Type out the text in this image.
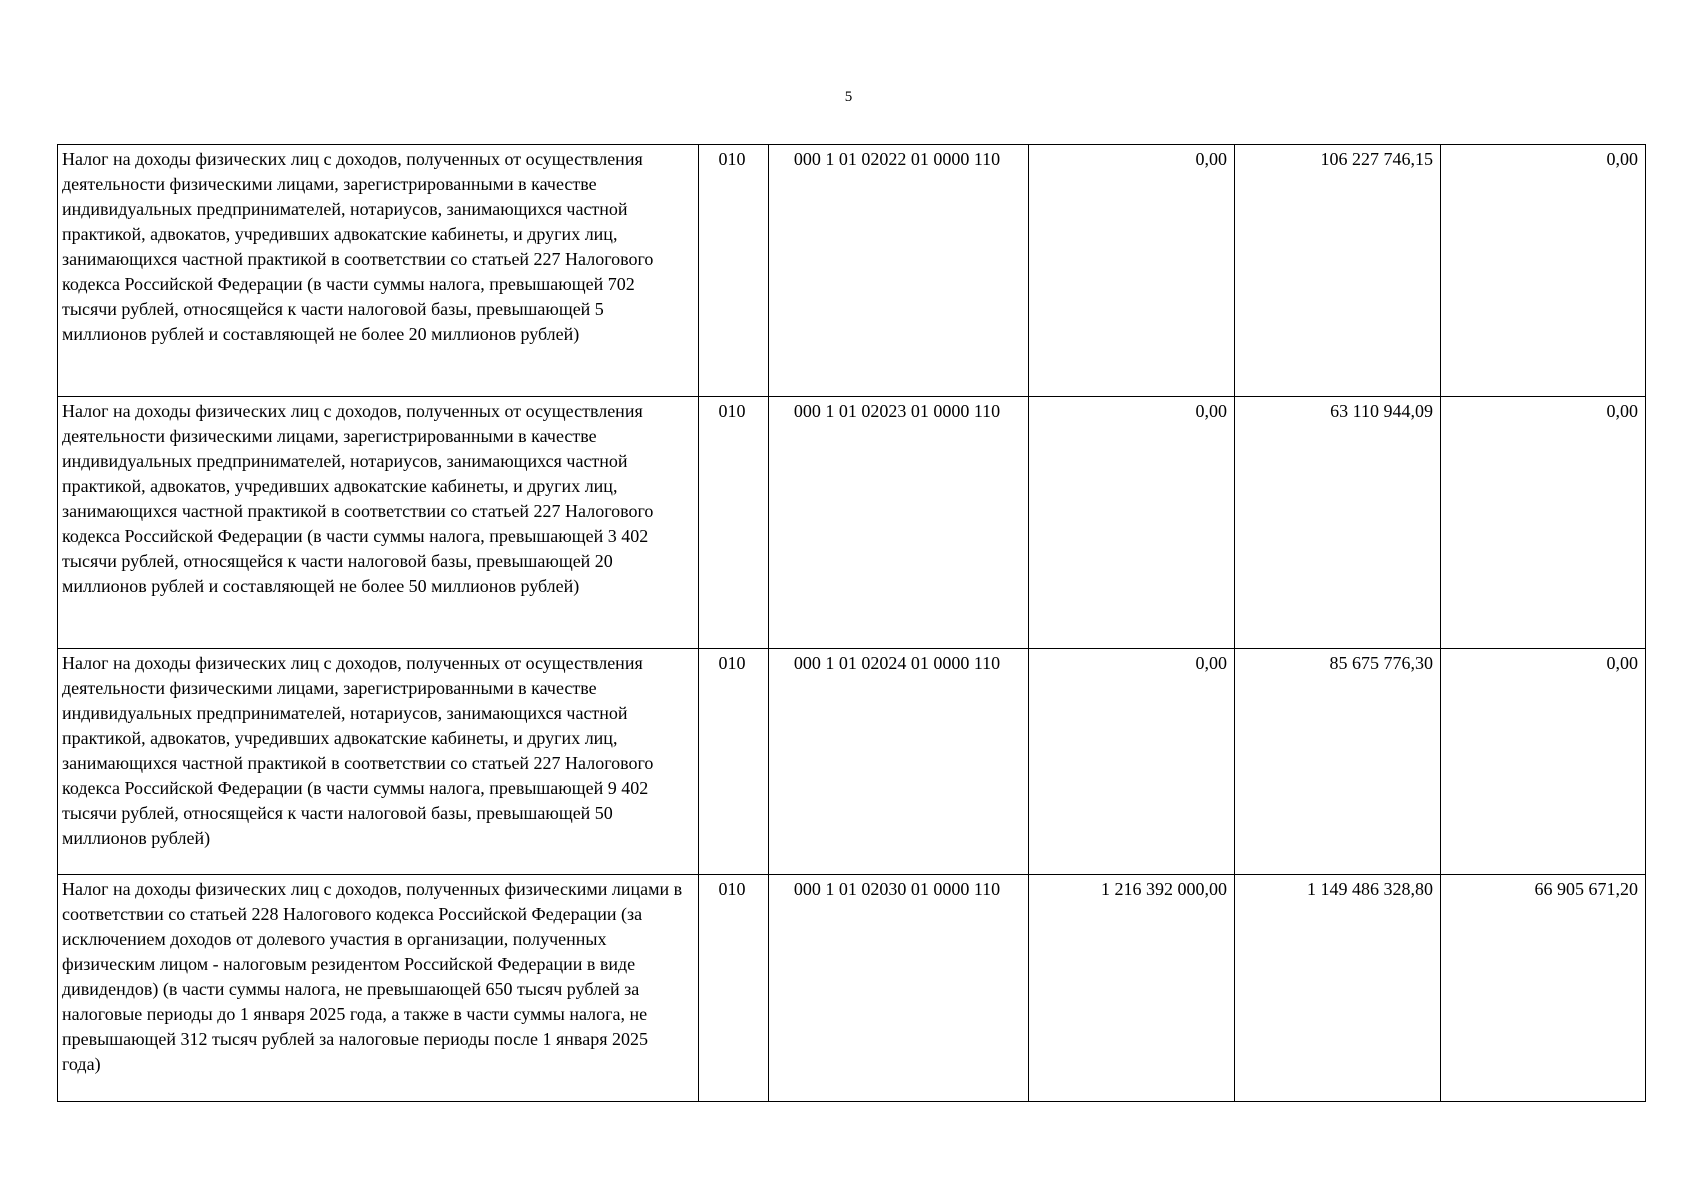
5
Налог на доходы физических лиц с доходов, полученных от осуществления деятельности физическими лицами, зарегистрированными в качестве индивидуальных предпринимателей, нотариусов, занимающихся частной практикой, адвокатов, учредивших адвокатские кабинеты, и других лиц, занимающихся частной практикой в соответствии со статьей 227 Налогового кодекса Российской Федерации (в части суммы налога, превышающей 702 тысячи рублей, относящейся к части налоговой базы, превышающей 5 миллионов рублей и составляющей не более 20 миллионов рублей)	010	000 1 01 02022 01 0000 110	0,00	106 227 746,15	0,00
Налог на доходы физических лиц с доходов, полученных от осуществления деятельности физическими лицами, зарегистрированными в качестве индивидуальных предпринимателей, нотариусов, занимающихся частной практикой, адвокатов, учредивших адвокатские кабинеты, и других лиц, занимающихся частной практикой в соответствии со статьей 227 Налогового кодекса Российской Федерации (в части суммы налога, превышающей 3 402 тысячи рублей, относящейся к части налоговой базы, превышающей 20 миллионов рублей и составляющей не более 50 миллионов рублей)	010	000 1 01 02023 01 0000 110	0,00	63 110 944,09	0,00
Налог на доходы физических лиц с доходов, полученных от осуществления деятельности физическими лицами, зарегистрированными в качестве индивидуальных предпринимателей, нотариусов, занимающихся частной практикой, адвокатов, учредивших адвокатские кабинеты, и других лиц, занимающихся частной практикой в соответствии со статьей 227 Налогового кодекса Российской Федерации (в части суммы налога, превышающей 9 402 тысячи рублей, относящейся к части налоговой базы, превышающей 50 миллионов рублей)	010	000 1 01 02024 01 0000 110	0,00	85 675 776,30	0,00
Налог на доходы физических лиц с доходов, полученных физическими лицами в соответствии со статьей 228 Налогового кодекса Российской Федерации (за исключением доходов от долевого участия в организации, полученных физическим лицом - налоговым резидентом Российской Федерации в виде дивидендов) (в части суммы налога, не превышающей 650 тысяч рублей за налоговые периоды до 1 января 2025 года, а также в части суммы налога, не превышающей 312 тысяч рублей за налоговые периоды после 1 января 2025 года)	010	000 1 01 02030 01 0000 110	1 216 392 000,00	1 149 486 328,80	66 905 671,20
